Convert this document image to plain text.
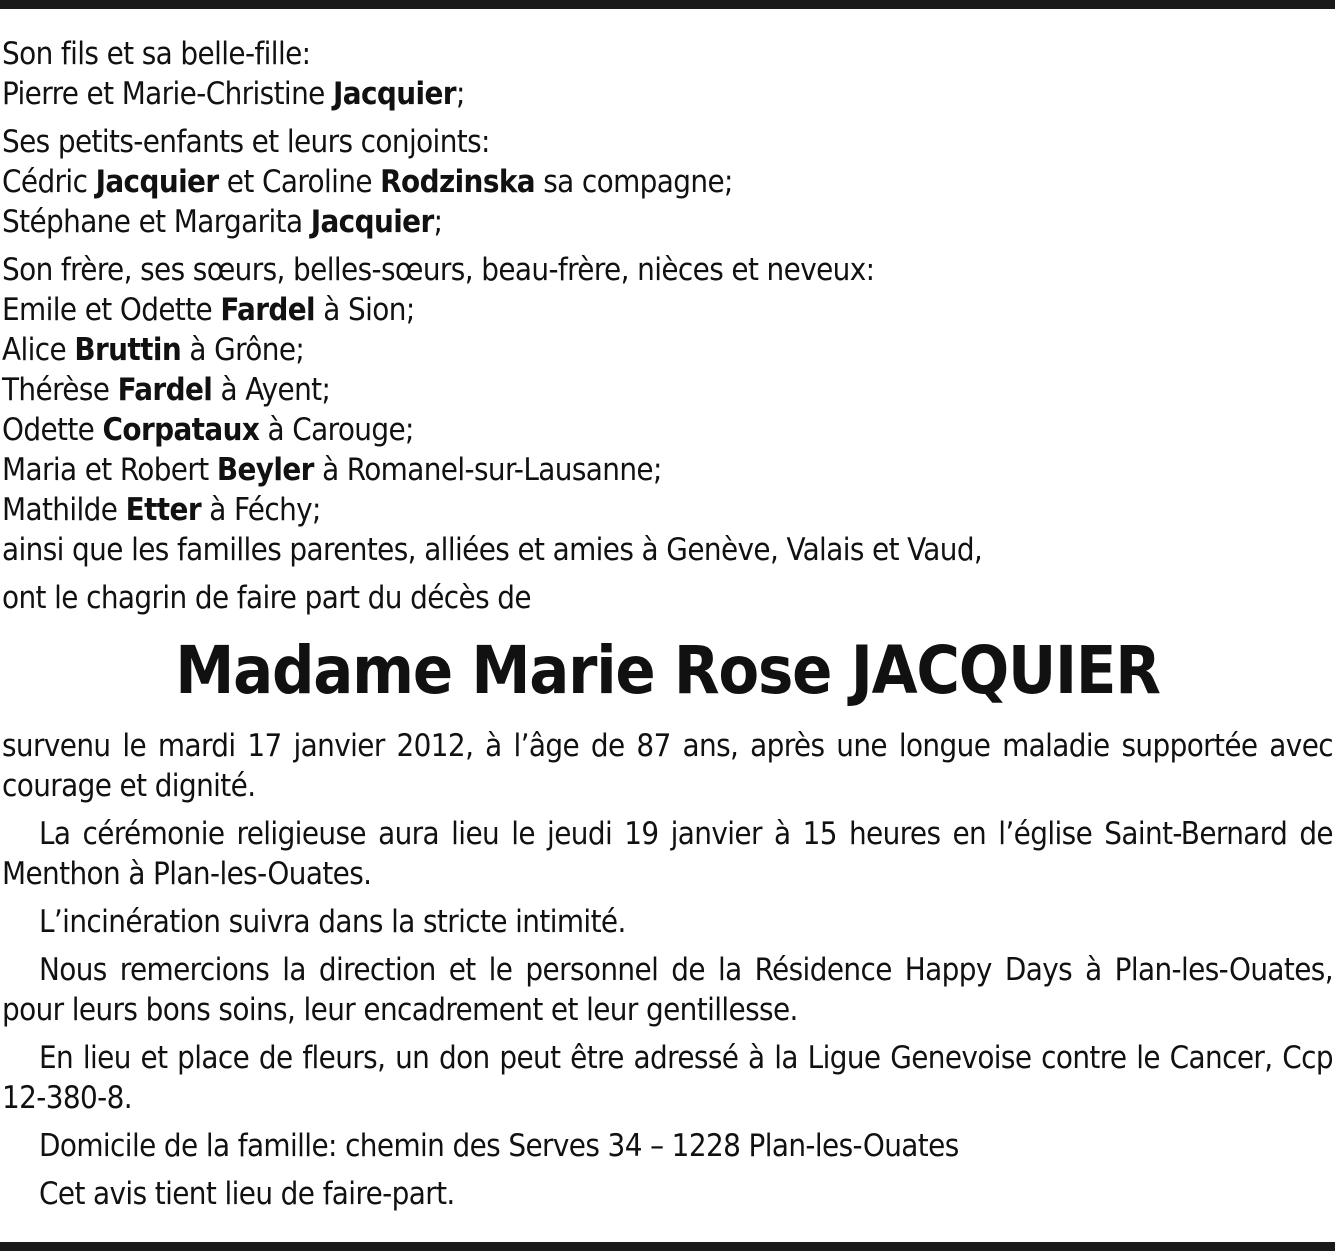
Son fils et sa belle-fille:
Pierre et Marie-Christine Jacquier;
Ses petits-enfants et leurs conjoints:
Cédric Jacquier et Caroline Rodzinska sa compagne;
Stéphane et Margarita Jacquier;
Son frère, ses sœurs, belles-sœurs, beau-frère, nièces et neveux:
Emile et Odette Fardel à Sion;
Alice Bruttin à Grône;
Thérèse Fardel à Ayent;
Odette Corpataux à Carouge;
Maria et Robert Beyler à Romanel-sur-Lausanne;
Mathilde Etter à Féchy;
ainsi que les familles parentes, alliées et amies à Genève, Valais et Vaud,
ont le chagrin de faire part du décès de
Madame Marie Rose JACQUIER
survenu le mardi 17 janvier 2012, à l’âge de 87 ans, après une longue maladie supportée avec courage et dignité.
La cérémonie religieuse aura lieu le jeudi 19 janvier à 15 heures en l’église Saint-Bernard de Menthon à Plan-les-Ouates.
L’incinération suivra dans la stricte intimité.
Nous remercions la direction et le personnel de la Résidence Happy Days à Plan-les-Ouates, pour leurs bons soins, leur encadrement et leur gentillesse.
En lieu et place de fleurs, un don peut être adressé à la Ligue Genevoise contre le Cancer, Ccp 12-380-8.
Domicile de la famille: chemin des Serves 34 – 1228 Plan-les-Ouates
Cet avis tient lieu de faire-part.
